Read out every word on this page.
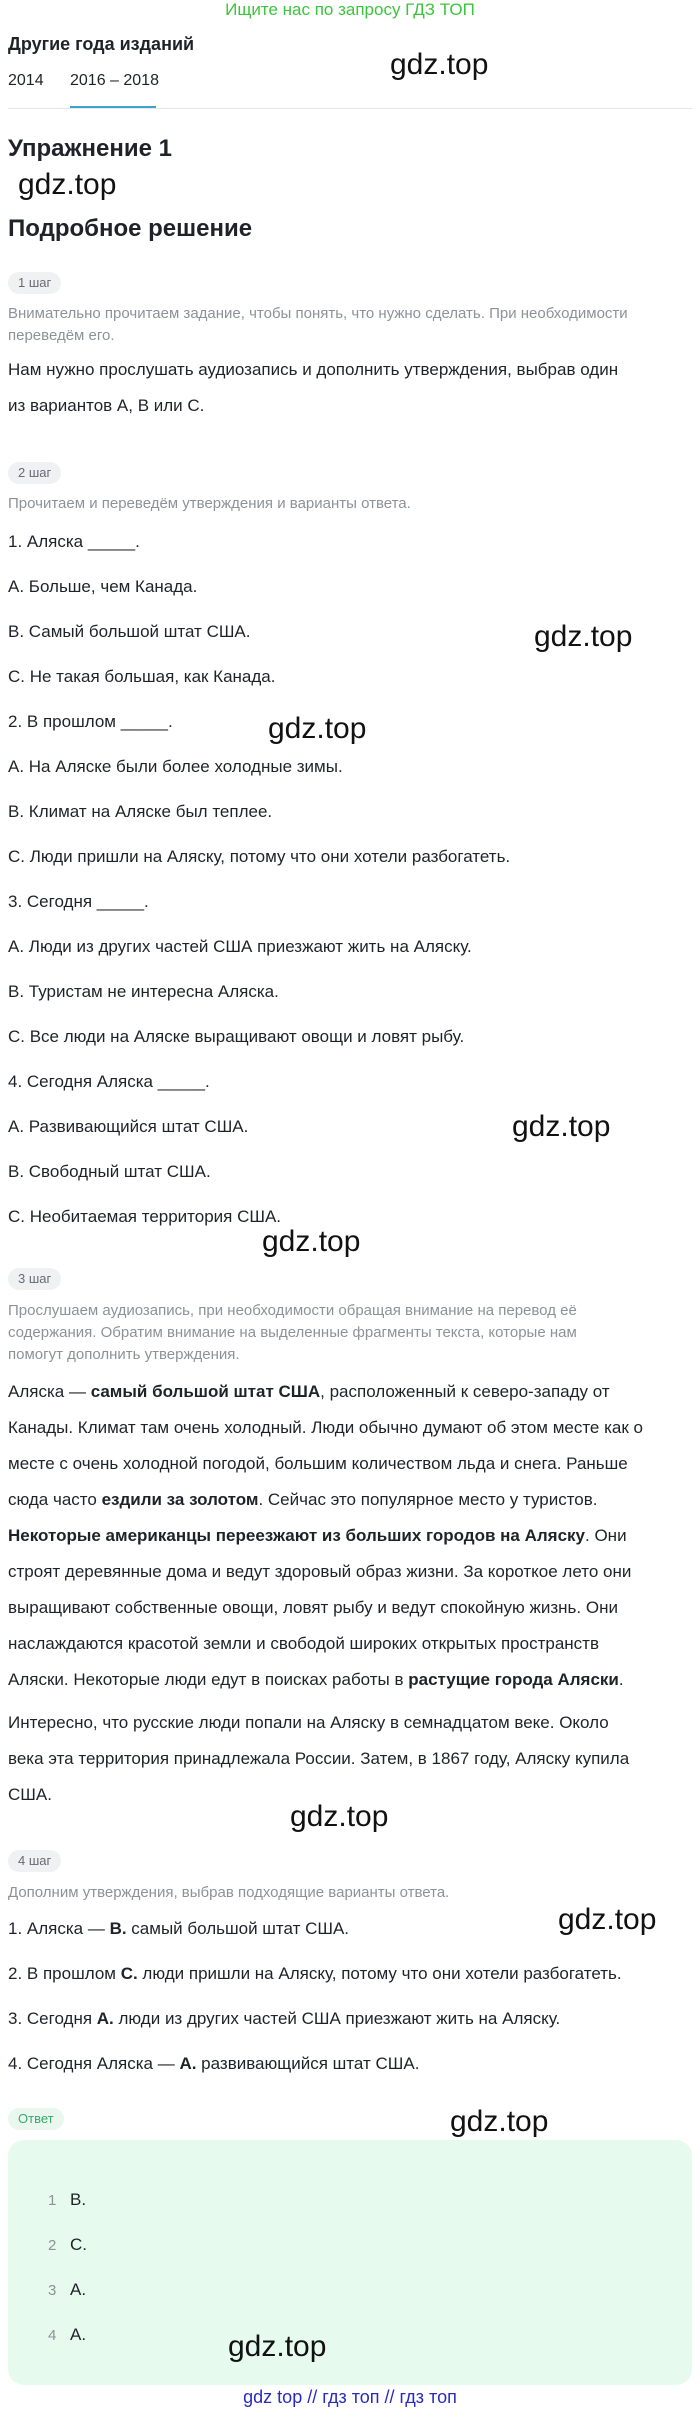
Ищите нас по запросу ГДЗ ТОП
Другие года изданий
2014 2016 – 2018	gdz.top
Упражнение 1
gdz.top
Подробное решение
1 шаг
Внимательно прочитаем задание, чтобы понять, что нужно сделать. При необходимости
переведём его.
Нам нужно прослушать аудиозапись и дополнить утверждения, выбрав один
из вариантов A, B или C.
2 шаг
Прочитаем и переведём утверждения и варианты ответа.
1. Аляска _____.
A. Больше, чем Канада.
B. Самый большой штат США.	gdz.top
C. Не такая большая, как Канада.
2. В прошлом _____.	gdz.top
A. На Аляске были более холодные зимы.
B. Климат на Аляске был теплее.
C. Люди пришли на Аляску, потому что они хотели разбогатеть.
3. Сегодня _____.
A. Люди из других частей США приезжают жить на Аляску.
B. Туристам не интересна Аляска.
C. Все люди на Аляске выращивают овощи и ловят рыбу.
4. Сегодня Аляска _____.
A. Развивающийся штат США.	gdz.top
B. Свободный штат США.
C. Необитаемая территория США.
gdz.top
3 шаг
Прослушаем аудиозапись, при необходимости обращая внимание на перевод её
содержания. Обратим внимание на выделенные фрагменты текста, которые нам
помогут дополнить утверждения.
Аляска — самый большой штат США, расположенный к северо-западу от
Канады. Климат там очень холодный. Люди обычно думают об этом месте как о
месте с очень холодной погодой, большим количеством льда и снега. Раньше
сюда часто ездили за золотом. Сейчас это популярное место у туристов.
Некоторые американцы переезжают из больших городов на Аляску. Они
строят деревянные дома и ведут здоровый образ жизни. За короткое лето они
выращивают собственные овощи, ловят рыбу и ведут спокойную жизнь. Они
наслаждаются красотой земли и свободой широких открытых пространств
Аляски. Некоторые люди едут в поисках работы в растущие города Аляски.
Интересно, что русские люди попали на Аляску в семнадцатом веке. Около
века эта территория принадлежала России. Затем, в 1867 году, Аляску купила
США.
gdz.top
4 шаг
Дополним утверждения, выбрав подходящие варианты ответа.
1. Аляска — B. самый большой штат США.	gdz.top
2. В прошлом C. люди пришли на Аляску, потому что они хотели разбогатеть.
3. Сегодня A. люди из других частей США приезжают жить на Аляску.
4. Сегодня Аляска — A. развивающийся штат США.
Ответ	gdz.top
1 B.
2 C.
3 A.
4 A.	gdz.top
gdz top // гдз топ // гдз топ
